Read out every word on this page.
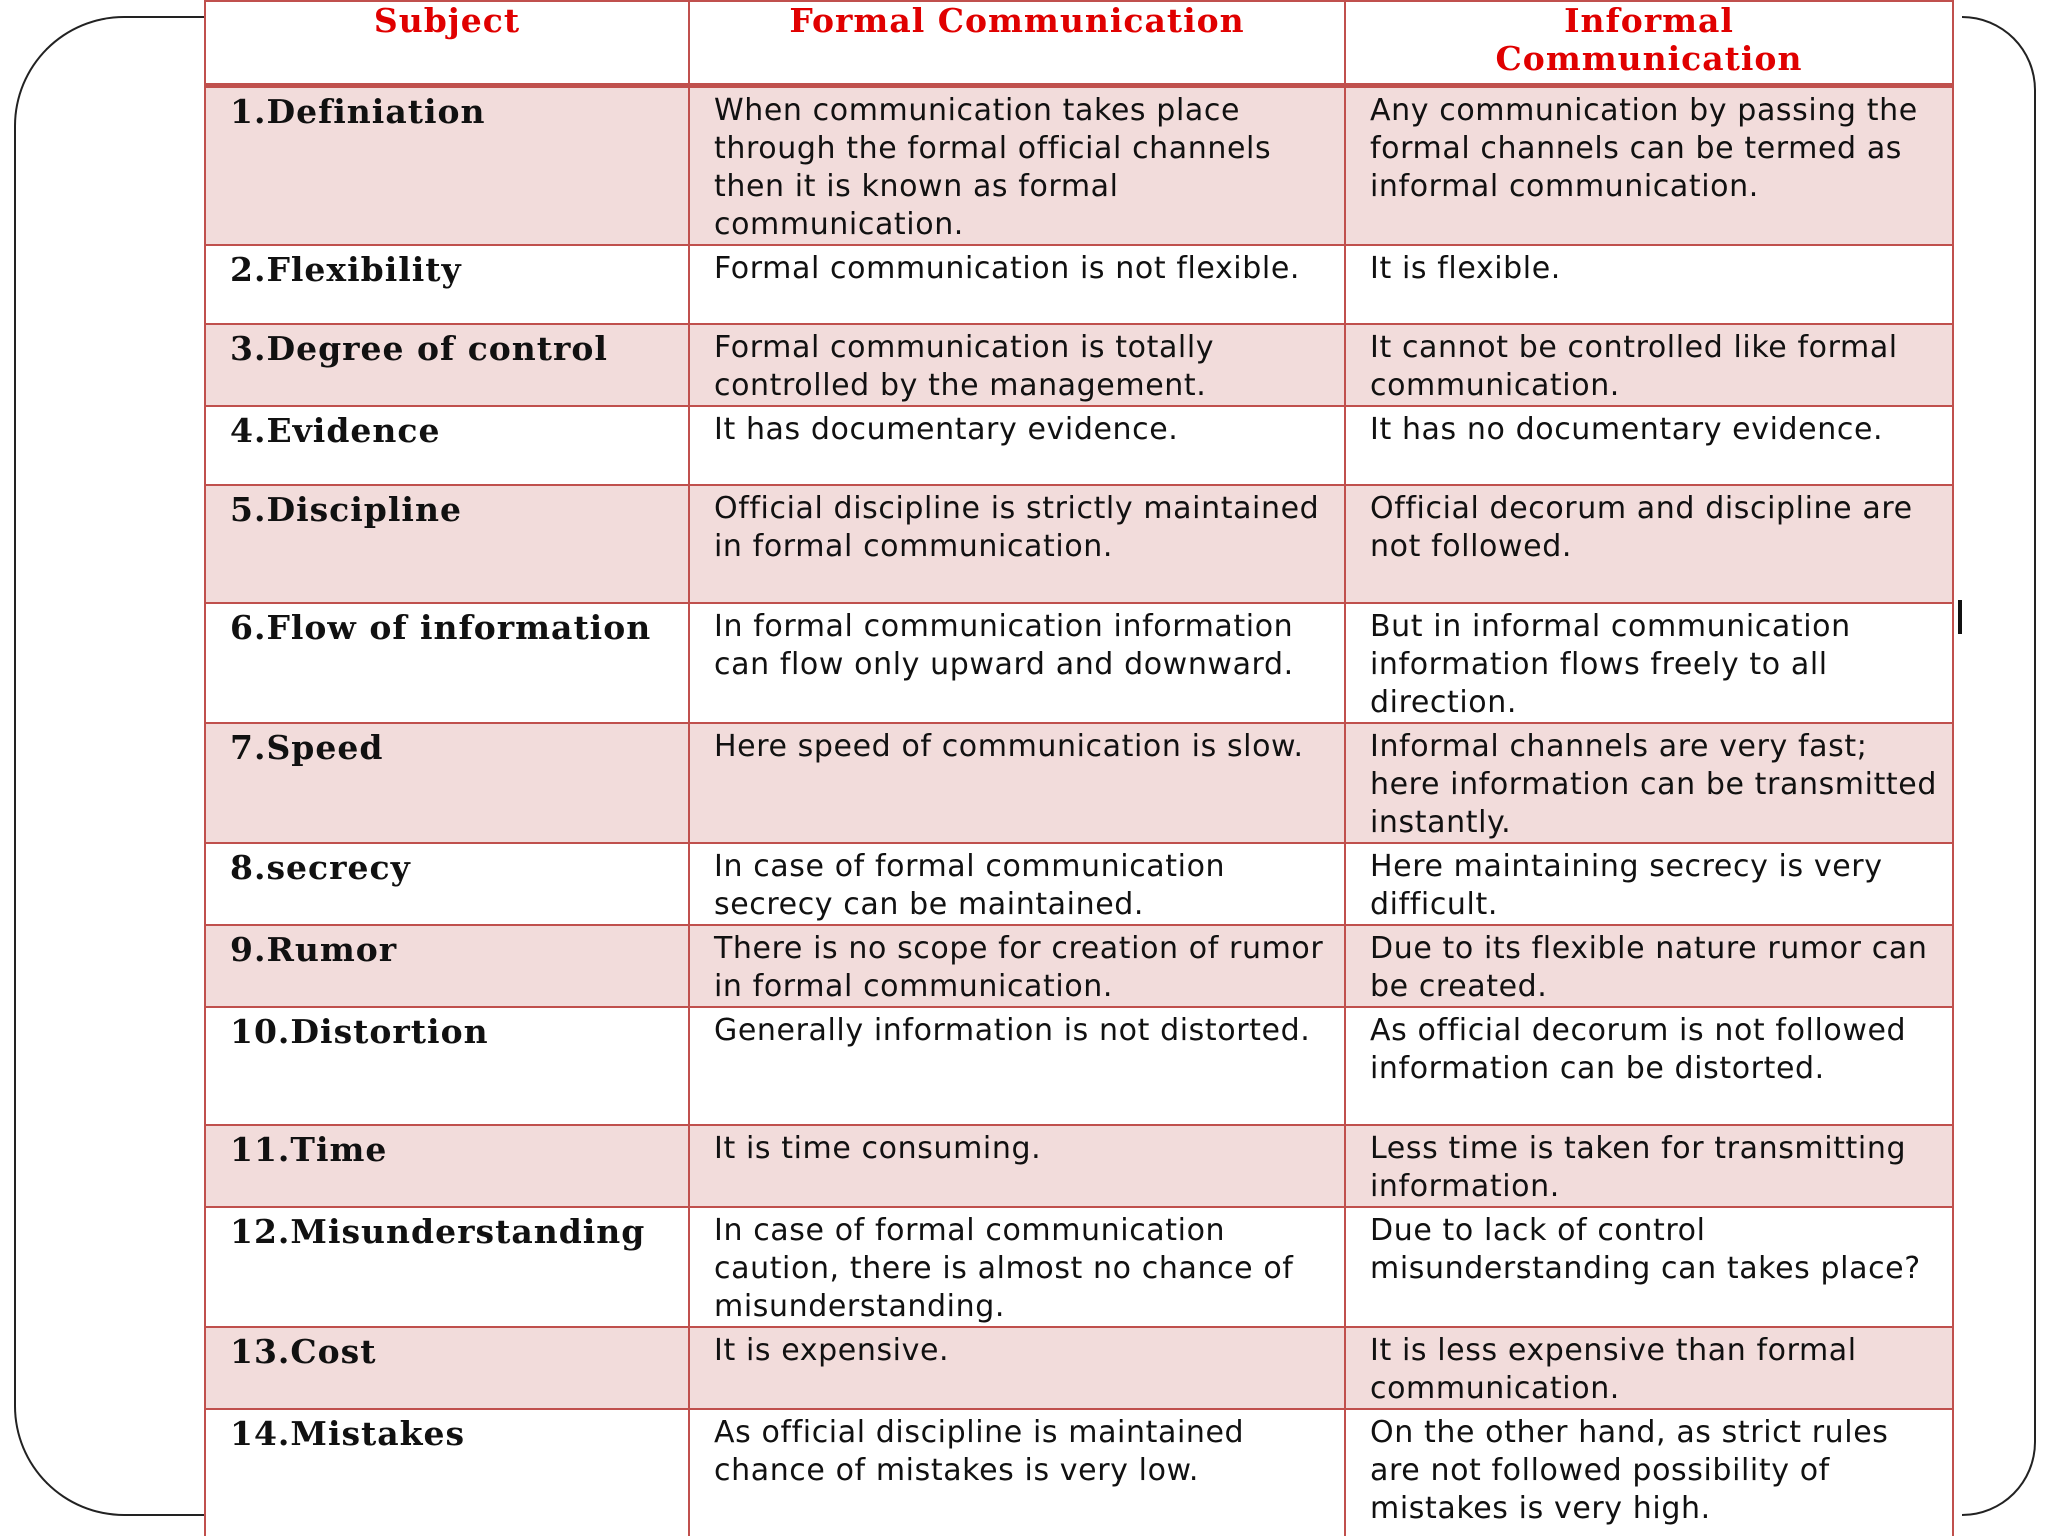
Subject	Formal Communication	Informal Communication
1.Definiation	When communication takes place through the formal official channels then it is known as formal communication.	Any communication by passing the formal channels can be termed as informal communication.
2.Flexibility	Formal communication is not flexible.	It is flexible.
3.Degree of control	Formal communication is totally controlled by the management.	It cannot be controlled like formal communication.
4.Evidence	It has documentary evidence.	It has no documentary evidence.
5.Discipline	Official discipline is strictly maintained in formal communication.	Official decorum and discipline are not followed.
6.Flow of information	In formal communication information can flow only upward and downward.	But in informal communication information flows freely to all direction.
7.Speed	Here speed of communication is slow.	Informal channels are very fast; here information can be transmitted instantly.
8.secrecy	In case of formal communication secrecy can be maintained.	Here maintaining secrecy is very difficult.
9.Rumor	There is no scope for creation of rumor in formal communication.	Due to its flexible nature rumor can be created.
10.Distortion	Generally information is not distorted.	As official decorum is not followed information can be distorted.
11.Time	It is time consuming.	Less time is taken for transmitting information.
12.Misunderstanding	In case of formal communication caution, there is almost no chance of misunderstanding.	Due to lack of control misunderstanding can takes place?
13.Cost	It is expensive.	It is less expensive than formal communication.
14.Mistakes	As official discipline is maintained chance of mistakes is very low.	On the other hand, as strict rules are not followed possibility of mistakes is very high.
